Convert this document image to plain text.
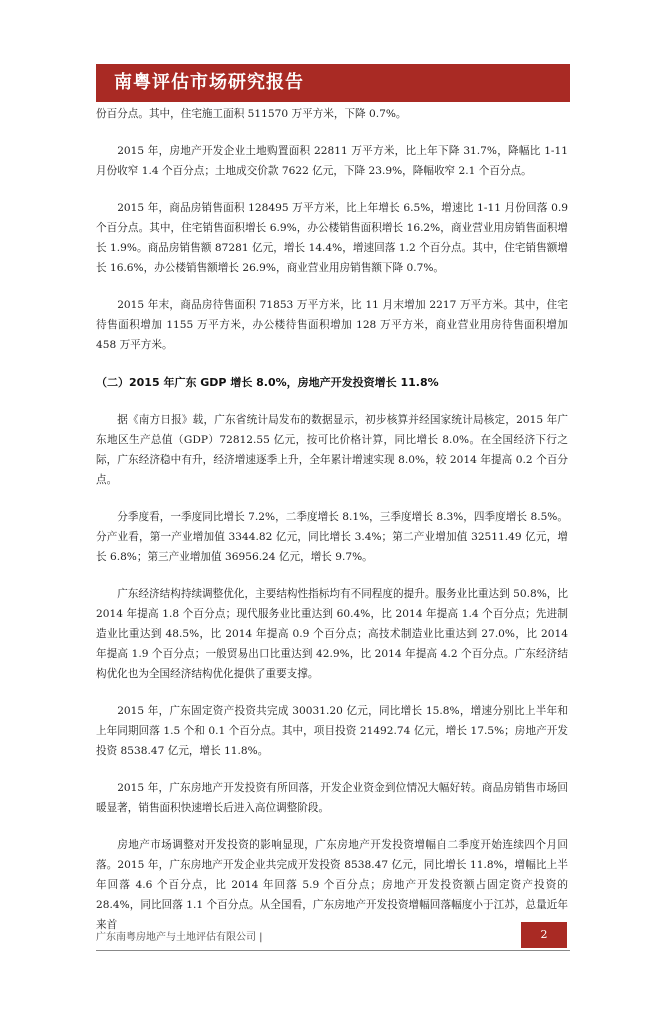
南粤评估市场研究报告

份百分点。其中，住宅施工面积 511570 万平方米，下降 0.7%。

2015 年，房地产开发企业土地购置面积 22811 万平方米，比上年下降 31.7%，降幅比 1-11 月份收窄 1.4 个百分点；土地成交价款 7622 亿元，下降 23.9%，降幅收窄 2.1 个百分点。

2015 年，商品房销售面积 128495 万平方米，比上年增长 6.5%，增速比 1-11 月份回落 0.9 个百分点。其中，住宅销售面积增长 6.9%，办公楼销售面积增长 16.2%，商业营业用房销售面积增长 1.9%。商品房销售额 87281 亿元，增长 14.4%，增速回落 1.2 个百分点。其中，住宅销售额增长 16.6%，办公楼销售额增长 26.9%，商业营业用房销售额下降 0.7%。

2015 年末，商品房待售面积 71853 万平方米，比 11 月末增加 2217 万平方米。其中，住宅待售面积增加 1155 万平方米，办公楼待售面积增加 128 万平方米，商业营业用房待售面积增加 458 万平方米。

（二）2015 年广东 GDP 增长 8.0%，房地产开发投资增长 11.8%

据《南方日报》载，广东省统计局发布的数据显示，初步核算并经国家统计局核定，2015 年广东地区生产总值（GDP）72812.55 亿元，按可比价格计算，同比增长 8.0%。在全国经济下行之际，广东经济稳中有升，经济增速逐季上升，全年累计增速实现 8.0%，较 2014 年提高 0.2 个百分点。

分季度看，一季度同比增长 7.2%，二季度增长 8.1%，三季度增长 8.3%，四季度增长 8.5%。分产业看，第一产业增加值 3344.82 亿元，同比增长 3.4%；第二产业增加值 32511.49 亿元，增长 6.8%；第三产业增加值 36956.24 亿元，增长 9.7%。

广东经济结构持续调整优化，主要结构性指标均有不同程度的提升。服务业比重达到 50.8%，比 2014 年提高 1.8 个百分点；现代服务业比重达到 60.4%，比 2014 年提高 1.4 个百分点；先进制造业比重达到 48.5%，比 2014 年提高 0.9 个百分点；高技术制造业比重达到 27.0%，比 2014 年提高 1.9 个百分点；一般贸易出口比重达到 42.9%，比 2014 年提高 4.2 个百分点。广东经济结构优化也为全国经济结构优化提供了重要支撑。

2015 年，广东固定资产投资共完成 30031.20 亿元，同比增长 15.8%，增速分别比上半年和上年同期回落 1.5 个和 0.1 个百分点。其中，项目投资 21492.74 亿元，增长 17.5%；房地产开发投资 8538.47 亿元，增长 11.8%。

2015 年，广东房地产开发投资有所回落，开发企业资金到位情况大幅好转。商品房销售市场回暖显著，销售面积快速增长后进入高位调整阶段。

房地产市场调整对开发投资的影响显现，广东房地产开发投资增幅自二季度开始连续四个月回落。2015 年，广东房地产开发企业共完成开发投资 8538.47 亿元，同比增长 11.8%，增幅比上半年回落 4.6 个百分点，比 2014 年回落 5.9 个百分点；房地产开发投资额占固定资产投资的 28.4%，同比回落 1.1 个百分点。从全国看，广东房地产开发投资增幅回落幅度小于江苏，总量近年来首

广东南粤房地产与土地评估有限公司 |	2
